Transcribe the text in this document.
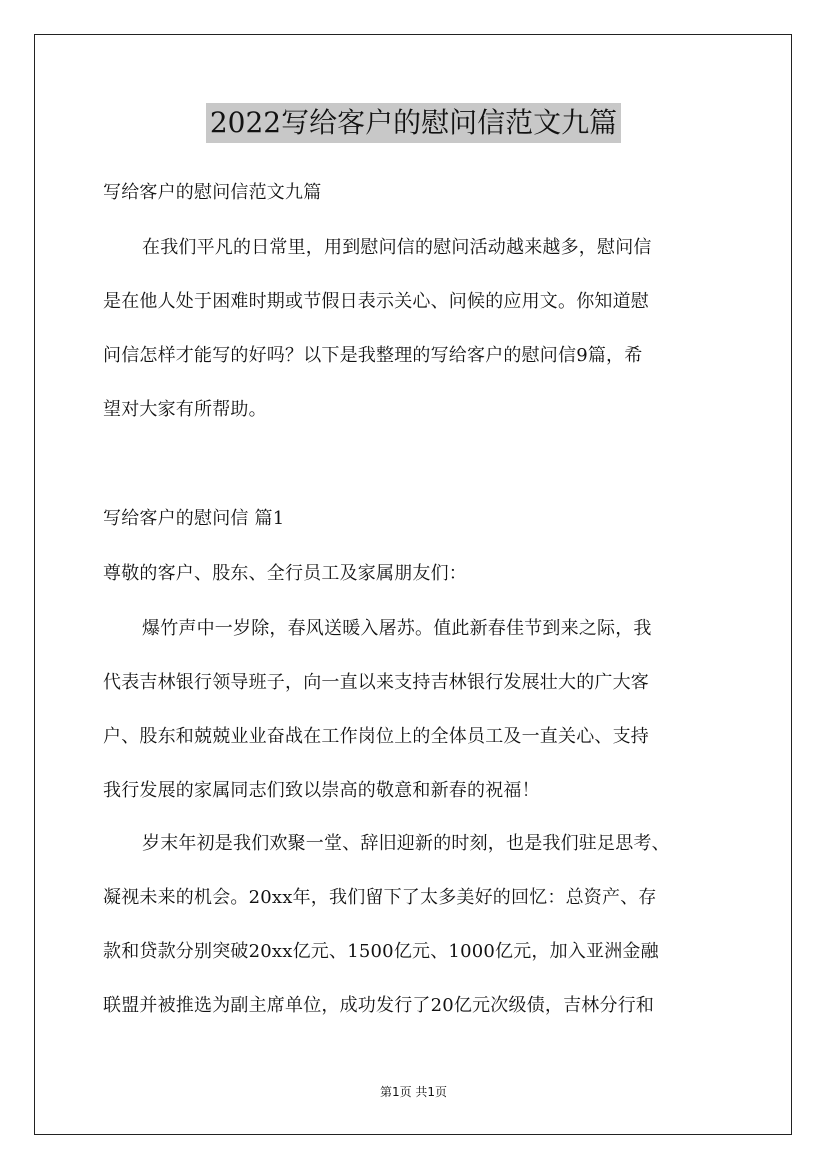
2022写给客户的慰问信范文九篇
写给客户的慰问信范文九篇
在我们平凡的日常里，用到慰问信的慰问活动越来越多，慰问信
是在他人处于困难时期或节假日表示关心、问候的应用文。你知道慰
问信怎样才能写的好吗？以下是我整理的写给客户的慰问信9篇，希
望对大家有所帮助。
写给客户的慰问信 篇1
尊敬的客户、股东、全行员工及家属朋友们：
爆竹声中一岁除，春风送暖入屠苏。值此新春佳节到来之际，我
代表吉林银行领导班子，向一直以来支持吉林银行发展壮大的广大客
户、股东和兢兢业业奋战在工作岗位上的全体员工及一直关心、支持
我行发展的家属同志们致以崇高的敬意和新春的祝福！
岁末年初是我们欢聚一堂、辞旧迎新的时刻，也是我们驻足思考、
凝视未来的机会。20xx年，我们留下了太多美好的回忆：总资产、存
款和贷款分别突破20xx亿元、1500亿元、1000亿元，加入亚洲金融
联盟并被推选为副主席单位，成功发行了20亿元次级债，吉林分行和
第1页 共1页
